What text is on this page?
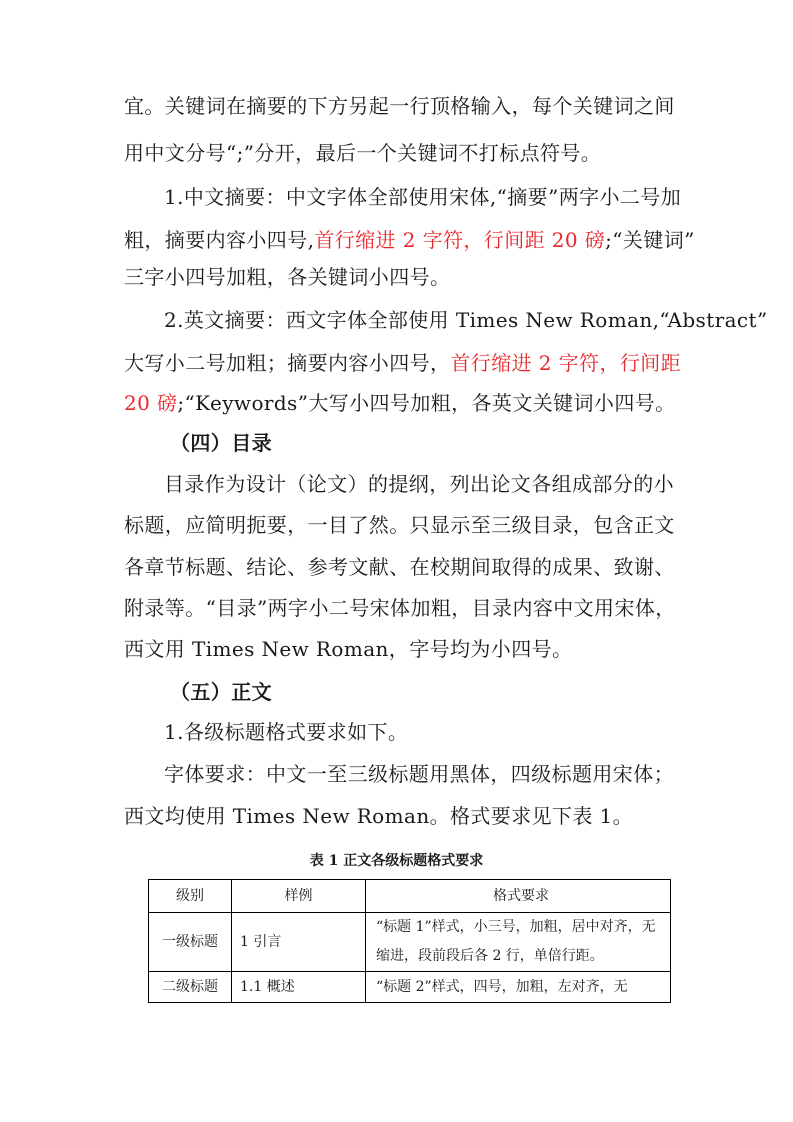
宜。关键词在摘要的下方另起一行顶格输入，每个关键词之间
用中文分号“;”分开，最后一个关键词不打标点符号。
1.中文摘要：中文字体全部使用宋体,“摘要”两字小二号加
粗，摘要内容小四号,首行缩进 2 字符，行间距 20 磅;“关键词”
三字小四号加粗，各关键词小四号。
2.英文摘要：西文字体全部使用 Times New Roman,“Abstract”
大写小二号加粗；摘要内容小四号，首行缩进 2 字符，行间距
20 磅;“Keywords”大写小四号加粗，各英文关键词小四号。
（四）目录
目录作为设计（论文）的提纲，列出论文各组成部分的小
标题，应简明扼要，一目了然。只显示至三级目录，包含正文
各章节标题、结论、参考文献、在校期间取得的成果、致谢、
附录等。“目录”两字小二号宋体加粗，目录内容中文用宋体，
西文用 Times New Roman，字号均为小四号。
（五）正文
1.各级标题格式要求如下。
字体要求：中文一至三级标题用黑体，四级标题用宋体；
西文均使用 Times New Roman。格式要求见下表 1。
表 1 正文各级标题格式要求
级别	样例	格式要求
一级标题	1 引言	“标题 1”样式，小三号，加粗，居中对齐，无缩进，段前段后各 2 行，单倍行距。
二级标题	1.1 概述	“标题 2”样式，四号，加粗，左对齐，无
